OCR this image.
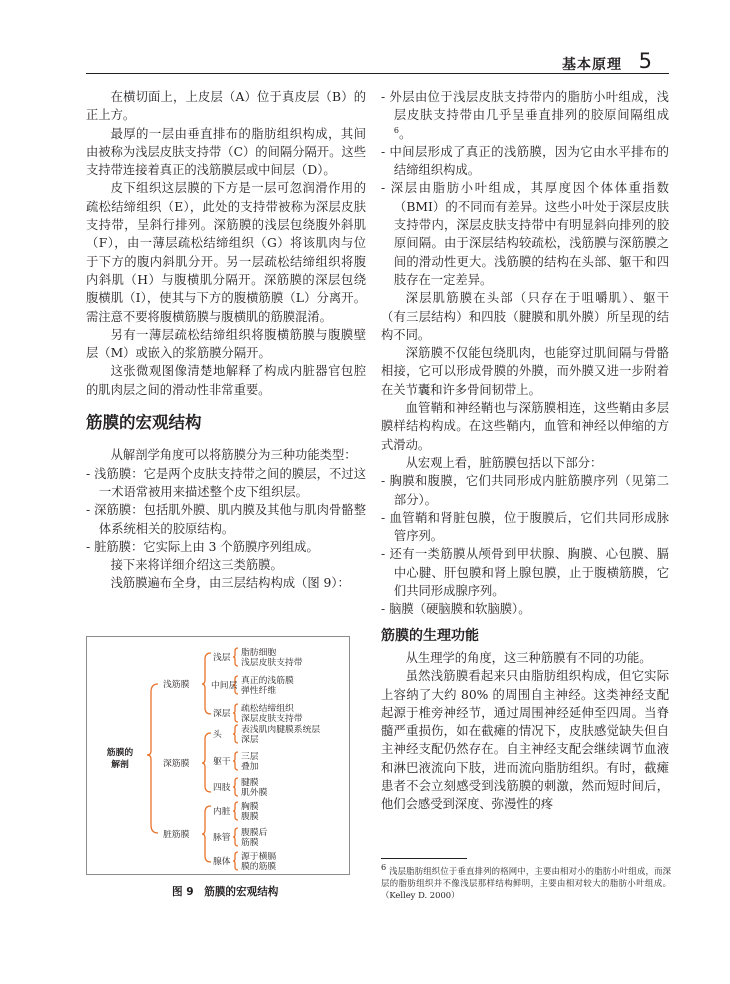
基本原理 5

在横切面上，上皮层（A）位于真皮层（B）的正上方。

最厚的一层由垂直排布的脂肪组织构成，其间由被称为浅层皮肤支持带（C）的间隔分隔开。这些支持带连接着真正的浅筋膜层或中间层（D）。

皮下组织这层膜的下方是一层可忽润滑作用的疏松结缔组织（E），此处的支持带被称为深层皮肤支持带，呈斜行排列。深筋膜的浅层包绕腹外斜肌（F），由一薄层疏松结缔组织（G）将该肌肉与位于下方的腹内斜肌分开。另一层疏松结缔组织将腹内斜肌（H）与腹横肌分隔开。深筋膜的深层包绕腹横肌（I），使其与下方的腹横筋膜（L）分离开。需注意不要将腹横筋膜与腹横肌的筋膜混淆。

另有一薄层疏松结缔组织将腹横筋膜与腹膜壁层（M）或嵌入的浆筋膜分隔开。

这张微观图像清楚地解释了构成内脏器官包腔的肌肉层之间的滑动性非常重要。

筋膜的宏观结构

从解剖学角度可以将筋膜分为三种功能类型：

- 浅筋膜：它是两个皮肤支持带之间的膜层，不过这一术语常被用来描述整个皮下组织层。
- 深筋膜：包括肌外膜、肌内膜及其他与肌肉骨骼整体系统相关的胶原结构。
- 脏筋膜：它实际上由 3 个筋膜序列组成。

接下来将详细介绍这三类筋膜。

浅筋膜遍布全身，由三层结构构成（图 9）：

筋膜的解剖
浅筋膜
深筋膜
脏筋膜
浅层
中间层
深层
头
躯干
四肢
内脏
脉管
腺体
脂肪细胞
浅层皮肤支持带
真正的浅筋膜
弹性纤维
疏松结缔组织
深层皮肤支持带
表浅肌肉腱膜系统层
深层
三层
叠加
腱膜
肌外膜
胸膜
腹膜
腹膜后
筋膜
源于横膈
膜的筋膜
图 9　筋膜的宏观结构
- 外层由位于浅层皮肤支持带内的脂肪小叶组成，浅层皮肤支持带由几乎呈垂直排列的胶原间隔组成$^6$。
- 中间层形成了真正的浅筋膜，因为它由水平排布的结缔组织构成。
- 深层由脂肪小叶组成，其厚度因个体体重指数（BMI）的不同而有差异。这些小叶处于深层皮肤支持带内，深层皮肤支持带中有明显斜向排列的胶原间隔。由于深层结构较疏松，浅筋膜与深筋膜之间的滑动性更大。浅筋膜的结构在头部、躯干和四肢存在一定差异。

深层肌筋膜在头部（只存在于咀嚼肌）、躯干（有三层结构）和四肢（腱膜和肌外膜）所呈现的结构不同。

深筋膜不仅能包绕肌肉，也能穿过肌间隔与骨骼相接，它可以形成骨膜的外膜，而外膜又进一步附着在关节囊和许多骨间韧带上。

血管鞘和神经鞘也与深筋膜相连，这些鞘由多层膜样结构构成。在这些鞘内，血管和神经以伸缩的方式滑动。

从宏观上看，脏筋膜包括以下部分：

- 胸膜和腹膜，它们共同形成内脏筋膜序列（见第二部分）。
- 血管鞘和肾脏包膜，位于腹膜后，它们共同形成脉管序列。
- 还有一类筋膜从颅骨到甲状腺、胸膜、心包膜、膈中心腱、肝包膜和肾上腺包膜，止于腹横筋膜，它们共同形成腺序列。
- 脑膜（硬脑膜和软脑膜）。
筋膜的生理功能

从生理学的角度，这三种筋膜有不同的功能。

虽然浅筋膜看起来只由脂肪组织构成，但它实际上容纳了大约 80% 的周围自主神经。这类神经支配起源于椎旁神经节，通过周围神经延伸至四周。当脊髓严重损伤，如在截瘫的情况下，皮肤感觉缺失但自主神经支配仍然存在。自主神经支配会继续调节血液和淋巴液流向下肢，进而流向脂肪组织。有时，截瘫患者不会立刻感受到浅筋膜的刺激，然而短时间后，他们会感受到深度、弥漫性的疼

6 浅层脂肪组织位于垂直排列的格网中，主要由相对小的脂肪小叶组成，而深层的脂肪组织并不像浅层那样结构鲜明，主要由相对较大的脂肪小叶组成。（Kelley D. 2000）
